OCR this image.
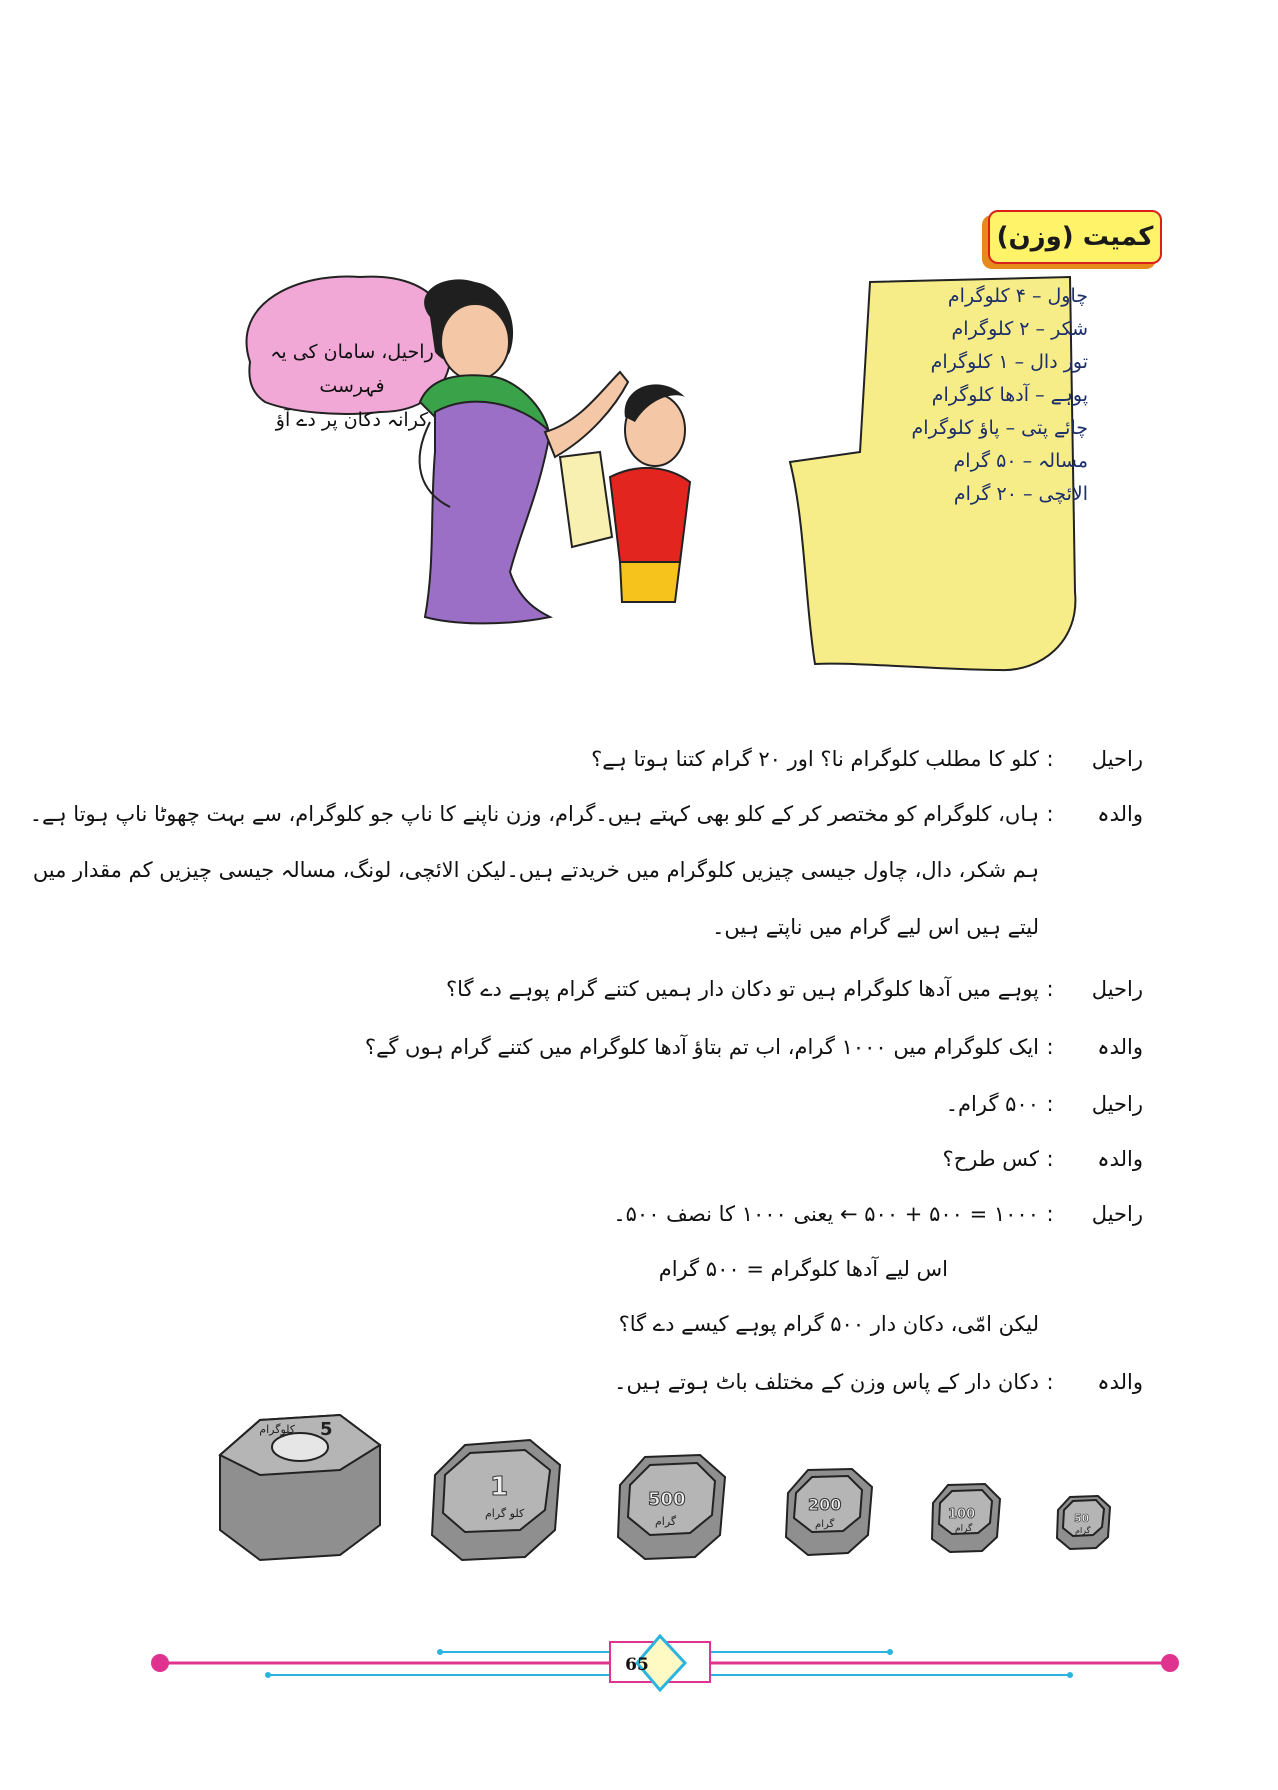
کمیت (وزن)
راحیل، سامان کی یہ فہرست
کرانہ دکان پر دے آؤ
چاول – ۴ کلوگرام
شکر – ۲ کلوگرام
تور دال – ۱ کلوگرام
پوہے – آدھا کلوگرام
چائے پتی – پاؤ کلوگرام
مسالہ – ۵۰ گرام
الائچی – ۲۰ گرام
راحیل
:
کلو کا مطلب کلوگرام نا؟ اور ۲۰ گرام کتنا ہوتا ہے؟
والدہ
:
ہاں، کلوگرام کو مختصر کر کے کلو بھی کہتے ہیں۔گرام، وزن ناپنے کا ناپ جو کلوگرام، سے بہت چھوٹا ناپ ہوتا ہے۔
ہم شکر، دال، چاول جیسی چیزیں کلوگرام میں خریدتے ہیں۔لیکن الائچی، لونگ، مسالہ جیسی چیزیں کم مقدار میں
لیتے ہیں اس لیے گرام میں ناپتے ہیں۔
راحیل
:
پوہے میں آدھا کلوگرام ہیں تو دکان دار ہمیں کتنے گرام پوہے دے گا؟
والدہ
:
ایک کلوگرام میں ۱۰۰۰ گرام، اب تم بتاؤ آدھا کلوگرام میں کتنے گرام ہوں گے؟
راحیل
:
۵۰۰ گرام۔
والدہ
:
کس طرح؟
راحیل
:
۱۰۰۰ = ۵۰۰ + ۵۰۰ ← یعنی ۱۰۰۰ کا نصف ۵۰۰۔
اس لیے آدھا کلوگرام = ۵۰۰ گرام
لیکن امّی، دکان دار ۵۰۰ گرام پوہے کیسے دے گا؟
والدہ
:
دکان دار کے پاس وزن کے مختلف باٹ ہوتے ہیں۔
5
کلوگرام
1
کلو گرام
500
گرام
200
گرام
100
گرام
50
گرام
65
